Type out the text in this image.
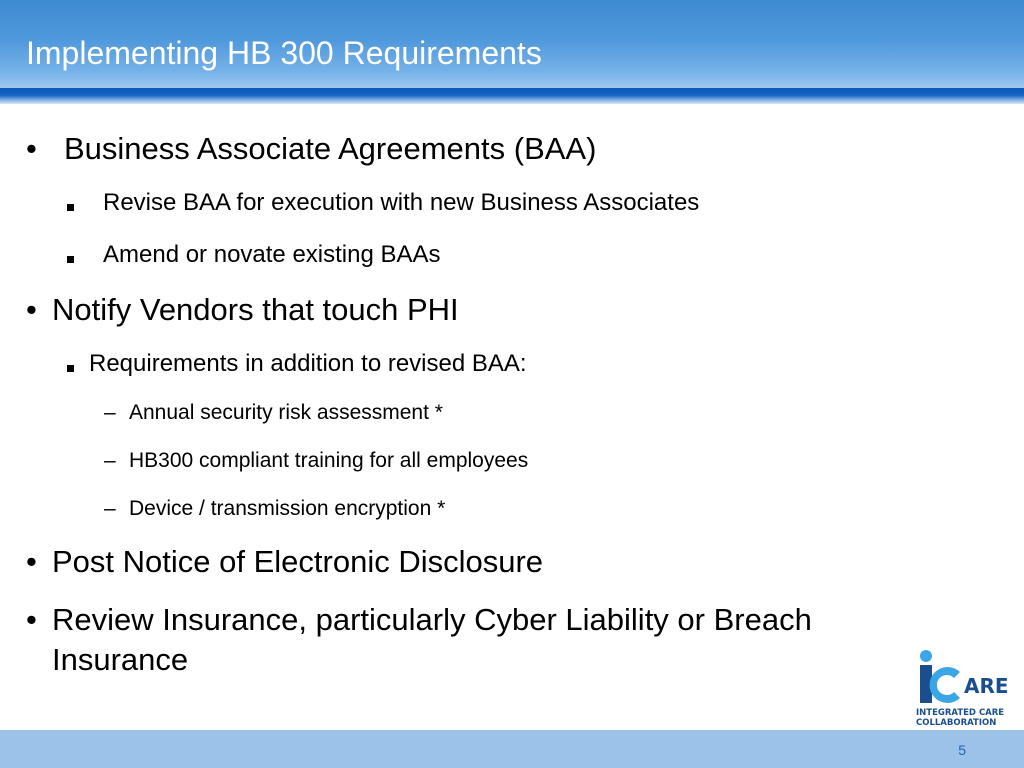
Implementing HB 300 Requirements
• Business Associate Agreements (BAA)
Revise BAA for execution with new Business Associates
Amend or novate existing BAAs
• Notify Vendors that touch PHI
Requirements in addition to revised BAA:
– Annual security risk assessment *
– HB300 compliant training for all employees
– Device / transmission encryption *
• Post Notice of Electronic Disclosure
• Review Insurance, particularly Cyber Liability or Breach
Insurance
ARE
INTEGRATED CARE
COLLABORATION
5
